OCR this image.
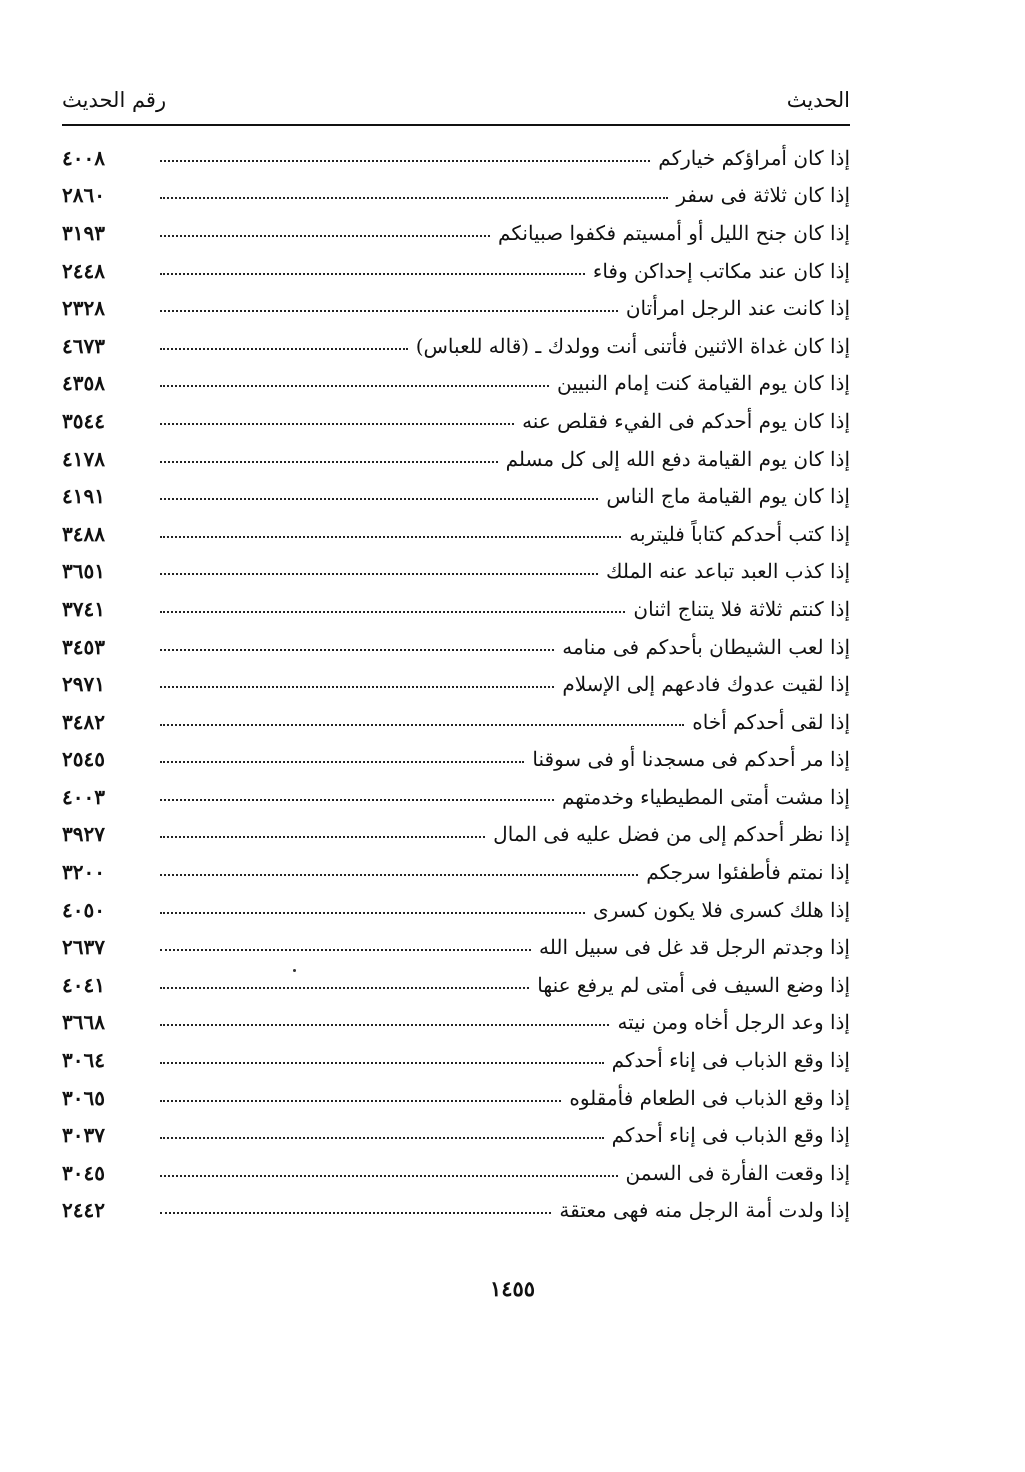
الحديث
رقم الحديث
إذا كان أمراؤكم خياركم
٤٠٠٨
إذا كان ثلاثة فى سفر
٢٨٦٠
إذا كان جنح الليل أو أمسيتم فكفوا صبيانكم
٣١٩٣
إذا كان عند مكاتب إحداكن وفاء
٢٤٤٨
إذا كانت عند الرجل امرأتان
٢٣٢٨
إذا كان غداة الاثنين فأتنى أنت وولدك ـ (قاله للعباس)
٤٦٧٣
إذا كان يوم القيامة كنت إمام النبيين
٤٣٥٨
إذا كان يوم أحدكم فى الفيء فقلص عنه
٣٥٤٤
إذا كان يوم القيامة دفع الله إلى كل مسلم
٤١٧٨
إذا كان يوم القيامة ماج الناس
٤١٩١
إذا كتب أحدكم كتاباً فليتربه
٣٤٨٨
إذا كذب العبد تباعد عنه الملك
٣٦٥١
إذا كنتم ثلاثة فلا يتناج اثنان
٣٧٤١
إذا لعب الشيطان بأحدكم فى منامه
٣٤٥٣
إذا لقيت عدوك فادعهم إلى الإسلام
٢٩٧١
إذا لقى أحدكم أخاه
٣٤٨٢
إذا مر أحدكم فى مسجدنا أو فى سوقنا
٢٥٤٥
إذا مشت أمتى المطيطياء وخدمتهم
٤٠٠٣
إذا نظر أحدكم إلى من فضل عليه فى المال
٣٩٢٧
إذا نمتم فأطفئوا سرجكم
٣٢٠٠
إذا هلك كسرى فلا يكون كسرى
٤٠٥٠
إذا وجدتم الرجل قد غل فى سبيل الله
٢٦٣٧
إذا وضع السيف فى أمتى لم يرفع عنها
٤٠٤١
إذا وعد الرجل أخاه ومن نيته
٣٦٦٨
إذا وقع الذباب فى إناء أحدكم
٣٠٦٤
إذا وقع الذباب فى الطعام فأمقلوه
٣٠٦٥
إذا وقع الذباب فى إناء أحدكم
٣٠٣٧
إذا وقعت الفأرة فى السمن
٣٠٤٥
إذا ولدت أمة الرجل منه فهى معتقة
٢٤٤٢
١٤٥٥
